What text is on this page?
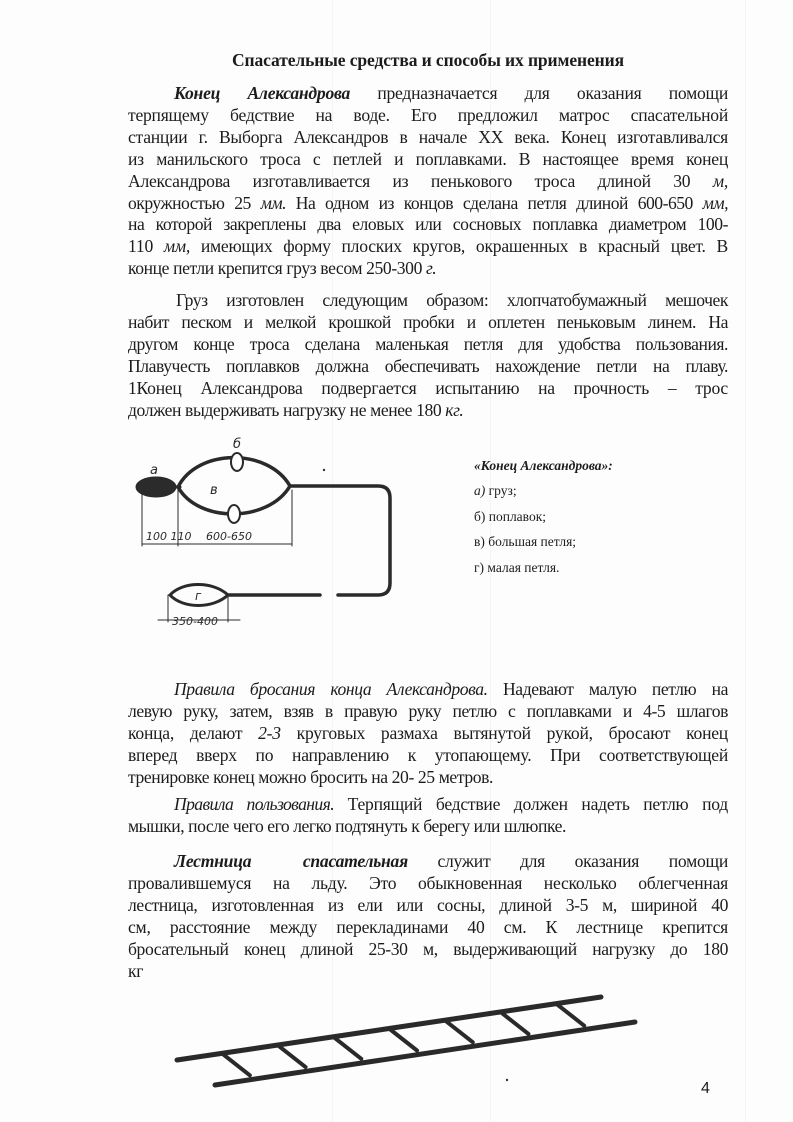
Спасательные средства и способы их применения
Конец Александрова предназначается для оказания помощи
терпящему бедствие на воде. Его предложил матрос спасательной
станции г. Выборга Александров в начале XX века. Конец изготавливался
из манильского троса с петлей и поплавками. В настоящее время конец
Александрова изготавливается из пенькового троса длиной 30 м,
окружностью 25 мм. На одном из концов сделана петля длиной 600-650 мм,
на которой закреплены два еловых или сосновых поплавка диаметром 100-
110 мм, имеющих форму плоских кругов, окрашенных в красный цвет. В
конце петли крепится груз весом 250-300 г.
Груз изготовлен следующим образом: хлопчатобумажный мешочек
набит песком и мелкой крошкой пробки и оплетен пеньковым линем. На
другом конце троса сделана маленькая петля для удобства пользования.
Плавучесть поплавков должна обеспечивать нахождение петли на плаву.
1Конец Александрова подвергается испытанию на прочность – трос
должен выдерживать нагрузку не менее 180 кг.
а
б
в
г
100 110 600-650
350-400
«Конец Александрова»:
а) груз;
б) поплавок;
в) большая петля;
г) малая петля.
Правила бросания конца Александрова. Надевают малую петлю на
левую руку, затем, взяв в правую руку петлю с поплавками и 4-5 шлагов
конца, делают 2-3 круговых размаха вытянутой рукой, бросают конец
вперед вверх по направлению к утопающему. При соответствующей
тренировке конец можно бросить на 20- 25 метров.
Правила пользования. Терпящий бедствие должен надеть петлю под
мышки, после чего его легко подтянуть к берегу или шлюпке.
Лестница спасательная служит для оказания помощи
провалившемуся на льду. Это обыкновенная несколько облегченная
лестница, изготовленная из ели или сосны, длиной 3-5 м, шириной 40
см, расстояние между перекладинами 40 см. К лестнице крепится
бросательный конец длиной 25-30 м, выдерживающий нагрузку до 180
кг
4
